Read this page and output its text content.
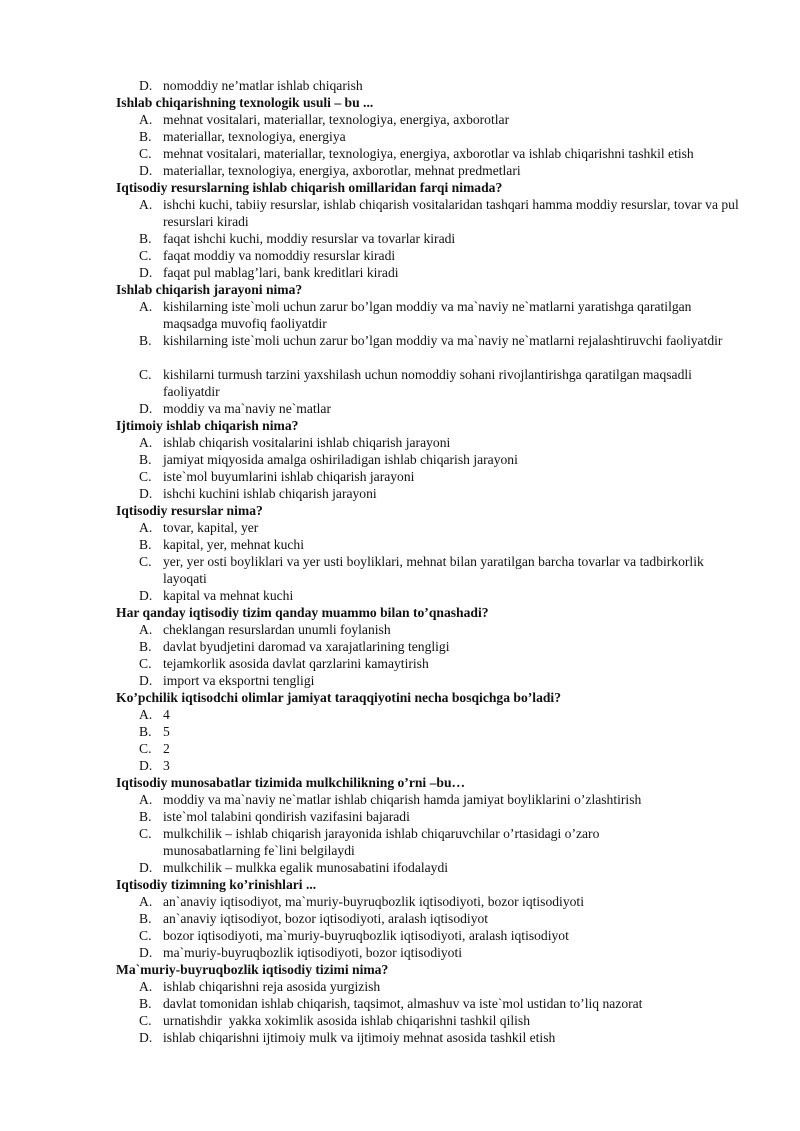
D. nomoddiy ne’matlar ishlab chiqarish
Ishlab chiqarishning texnologik usuli – bu ...
A. mehnat vositalari, materiallar, texnologiya, energiya, axborotlar
B. materiallar, texnologiya, energiya
C. mehnat vositalari, materiallar, texnologiya, energiya, axborotlar va ishlab chiqarishni tashkil etish
D. materiallar, texnologiya, energiya, axborotlar, mehnat predmetlari
Iqtisodiy resurslarning ishlab chiqarish omillaridan farqi nimada?
A. ishchi kuchi, tabiiy resurslar, ishlab chiqarish vositalaridan tashqari hamma moddiy resurslar, tovar va pul resurslari kiradi
B. faqat ishchi kuchi, moddiy resurslar va tovarlar kiradi
C. faqat moddiy va nomoddiy resurslar kiradi
D. faqat pul mablag’lari, bank kreditlari kiradi
Ishlab chiqarish jarayoni nima?
A. kishilarning iste`moli uchun zarur bo’lgan moddiy va ma`naviy ne`matlarni yaratishga qaratilgan maqsadga muvofiq faoliyatdir
B. kishilarning iste`moli uchun zarur bo’lgan moddiy va ma`naviy ne`matlarni rejalashtiruvchi faoliyatdir
C. kishilarni turmush tarzini yaxshilash uchun nomoddiy sohani rivojlantirishga qaratilgan maqsadli faoliyatdir
D. moddiy va ma`naviy ne`matlar
Ijtimoiy ishlab chiqarish nima?
A. ishlab chiqarish vositalarini ishlab chiqarish jarayoni
B. jamiyat miqyosida amalga oshiriladigan ishlab chiqarish jarayoni
C. iste`mol buyumlarini ishlab chiqarish jarayoni
D. ishchi kuchini ishlab chiqarish jarayoni
Iqtisodiy resurslar nima?
A. tovar, kapital, yer
B. kapital, yer, mehnat kuchi
C. yer, yer osti boyliklari va yer usti boyliklari, mehnat bilan yaratilgan barcha tovarlar va tadbirkorlik layoqati
D. kapital va mehnat kuchi
Har qanday iqtisodiy tizim qanday muammo bilan to’qnashadi?
A. cheklangan resurslardan unumli foylanish
B. davlat byudjetini daromad va xarajatlarining tengligi
C. tejamkorlik asosida davlat qarzlarini kamaytirish
D. import va eksportni tengligi
Ko’pchilik iqtisodchi olimlar jamiyat taraqqiyotini necha bosqichga bo’ladi?
A. 4
B. 5
C. 2
D. 3
Iqtisodiy munosabatlar tizimida mulkchilikning o’rni –bu…
A. moddiy va ma`naviy ne`matlar ishlab chiqarish hamda jamiyat boyliklarini o’zlashtirish
B. iste`mol talabini qondirish vazifasini bajaradi
C. mulkchilik – ishlab chiqarish jarayonida ishlab chiqaruvchilar o’rtasidagi o’zaro munosabatlarning fe`lini belgilaydi
D. mulkchilik – mulkka egalik munosabatini ifodalaydi
Iqtisodiy tizimning ko’rinishlari ...
A. an`anaviy iqtisodiyot, ma`muriy-buyruqbozlik iqtisodiyoti, bozor iqtisodiyoti
B. an`anaviy iqtisodiyot, bozor iqtisodiyoti, aralash iqtisodiyot
C. bozor iqtisodiyoti, ma`muriy-buyruqbozlik iqtisodiyoti, aralash iqtisodiyot
D. ma`muriy-buyruqbozlik iqtisodiyoti, bozor iqtisodiyoti
Ma`muriy-buyruqbozlik iqtisodiy tizimi nima?
A. ishlab chiqarishni reja asosida yurgizish
B. davlat tomonidan ishlab chiqarish, taqsimot, almashuv va iste`mol ustidan to’liq nazorat
C. urnatishdir  yakka xokimlik asosida ishlab chiqarishni tashkil qilish
D. ishlab chiqarishni ijtimoiy mulk va ijtimoiy mehnat asosida tashkil etish
